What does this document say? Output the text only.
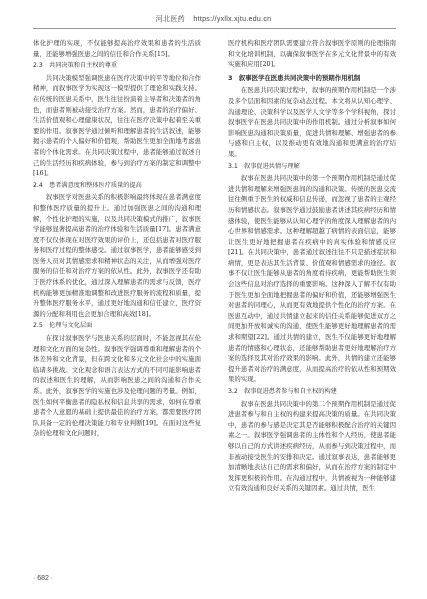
河北医药 https://yxllx.xjtu.edu.cn

体化护理的实现，不仅能够提高治疗效果和患者的生活质量，还能够增强医患之间的信任和合作关系[15]。

2.3　共同决策和自主权的尊重

共同决策模型强调医患在医疗决策中的平等地位和合作精神，而叙事医学为实现这一模型提供了理论和实践支持。在传统的医患关系中，医生往往扮演着主导者和决策者的角色，而患者则被动接受治疗方案。然而，患者的治疗偏好、生活价值观和心理健康状况，往往在医疗决策中起着至关重要的作用。叙事医学通过倾听和理解患者的生活叙述，能够揭示患者的个人偏好和价值观，帮助医生更加全面地考虑患者的个体化需求。在共同决策过程中，患者能够通过叙述自己的生活经历和疾病体验，参与到治疗方案的制定和调整中[16]。

2.4　患者满意度和整体医疗质量的提高

叙事医学对医患关系的积极影响最终体现在患者满意度和整体医疗质量的提升上。通过加强医患之间的沟通和理解，个性化护理的实施，以及共同决策模式的推广，叙事医学能够显著提高患者的治疗体验和生活质量[17]。患者满意度不仅仅体现在对医疗效果的评价上，还包括患者对医疗服务和医疗过程的整体感受。通过叙事医学，患者能够感受到医务人员对其情感需求和精神状态的关注，从而增强对医疗服务的信任和对治疗方案的依从性。此外，叙事医学还有助于医疗体系的优化，通过深入理解患者的需求与反馈，医疗机构能够更加精准地调整和改进医疗服务的流程和质量，提升整体医疗服务水平，通过更好地沟通和信任建立，医疗资源的分配和利用也会更加合理和高效[18]。

2.5　伦理与文化层面

在探讨叙事医学与医患关系的层面时，不能忽视其在伦理和文化方面的复杂性。叙事医学强调尊重和理解患者的个体差异和文化背景，但在跨文化和多元文化社会中的实施面临诸多挑战。文化观念和语言表达方式的不同可能影响患者的叙述和医生的理解，从而影响医患之间的沟通和合作关系。此外，叙事医学的实施也涉及伦理问题的考量。例如，医生如何平衡患者的隐私权和信息共享的需求，如何在尊重患者个人意愿的基础上提供最佳的治疗方案，都需要医疗团队具备一定的伦理决策能力和专业判断[19]。在面对这些复杂的伦理和文化问题时，

医疗机构和医疗团队需要建立符合叙事医学原则的伦理指南和文化培训机制，以确保叙事医学在多元文化背景中的有效实施和应用[20]。

3　叙事医学在医患共同决策中的预期作用机制

在医患共同决策过程中，叙事的预期作用机制是一个涉及多个层面和因素的复杂动态过程。本文将从认知心理学、沟通理论、决策科学以及医学人文学等多个学科视角，探讨叙事医学在医患共同决策中的作用机制。通过分析叙事如何影响医患沟通和决策质量，促进共情和理解、增强患者的参与感和自主权，以及推动更有效地沟通和更满意的治疗结果。

3.1　叙事促进共情与理解

叙事在医患共同决策中的第一个预期作用机制是通过促进共情和理解来增强医患间的沟通和决策。传统的医患交流往往侧重于医生的权威和信息传递，而忽视了患者的主观经历和情感状态。叙事医学通过鼓励患者讲述其疾病经历和情感体验，使医生能够从认知心理学的角度深入理解患者的内心世界和情感需求。这种理解超越了病情的表面信息，能够让医生更好地把握患者在疾病中的真实体验和情感反应[21]。在共同决策中，患者通过叙述往往不只是描述症状和病情，更是表达其生活背景、价值观和情感需求的途径。叙事不仅让医生能够从患者的角度看待疾病，更能帮助医生领会这些信息对治疗选择的重要影响。这种深入了解不仅有助于医生更加全面地把握患者的偏好和价值，还能够增强医生对患者的同理心，从而更有效地提供个性化的治疗方案。在医患互动中，通过共情建立起来的信任关系能够促进双方之间更加开放和诚实的沟通，使医生能够更好地理解患者的需求和期望[22]。通过共情的建立，医生不仅能够更好地理解患者的情感和心理状态，还能够帮助患者更好地理解治疗方案的选择及其对治疗效果的影响。此外，共情的建立还能够提升患者对治疗的满意度，从而提高治疗的依从性和预期效果的实现。

3.2　叙事促进患者参与和自主权的构建

叙事在医患共同决策中的第二个预期作用机制是通过促进患者参与和自主权的构建来提高决策的质量。在共同决策中，患者的参与感是决定其是否能够积极配合治疗的关键因素之一。叙事医学强调患者的主体性和个人经历，使患者能够以自己的方式讲述疾病经历，从而参与到决策过程中，而非被动接受医生的安排和决定。通过叙事表达，患者能够更加清晰地表达自己的需求和偏好，从而在治疗方案的制定中发挥更积极的作用。在沟通过程中，共情被视为一种能够建立有效沟通和良好关系的关键因素。通过共情，医生

· 682 ·
